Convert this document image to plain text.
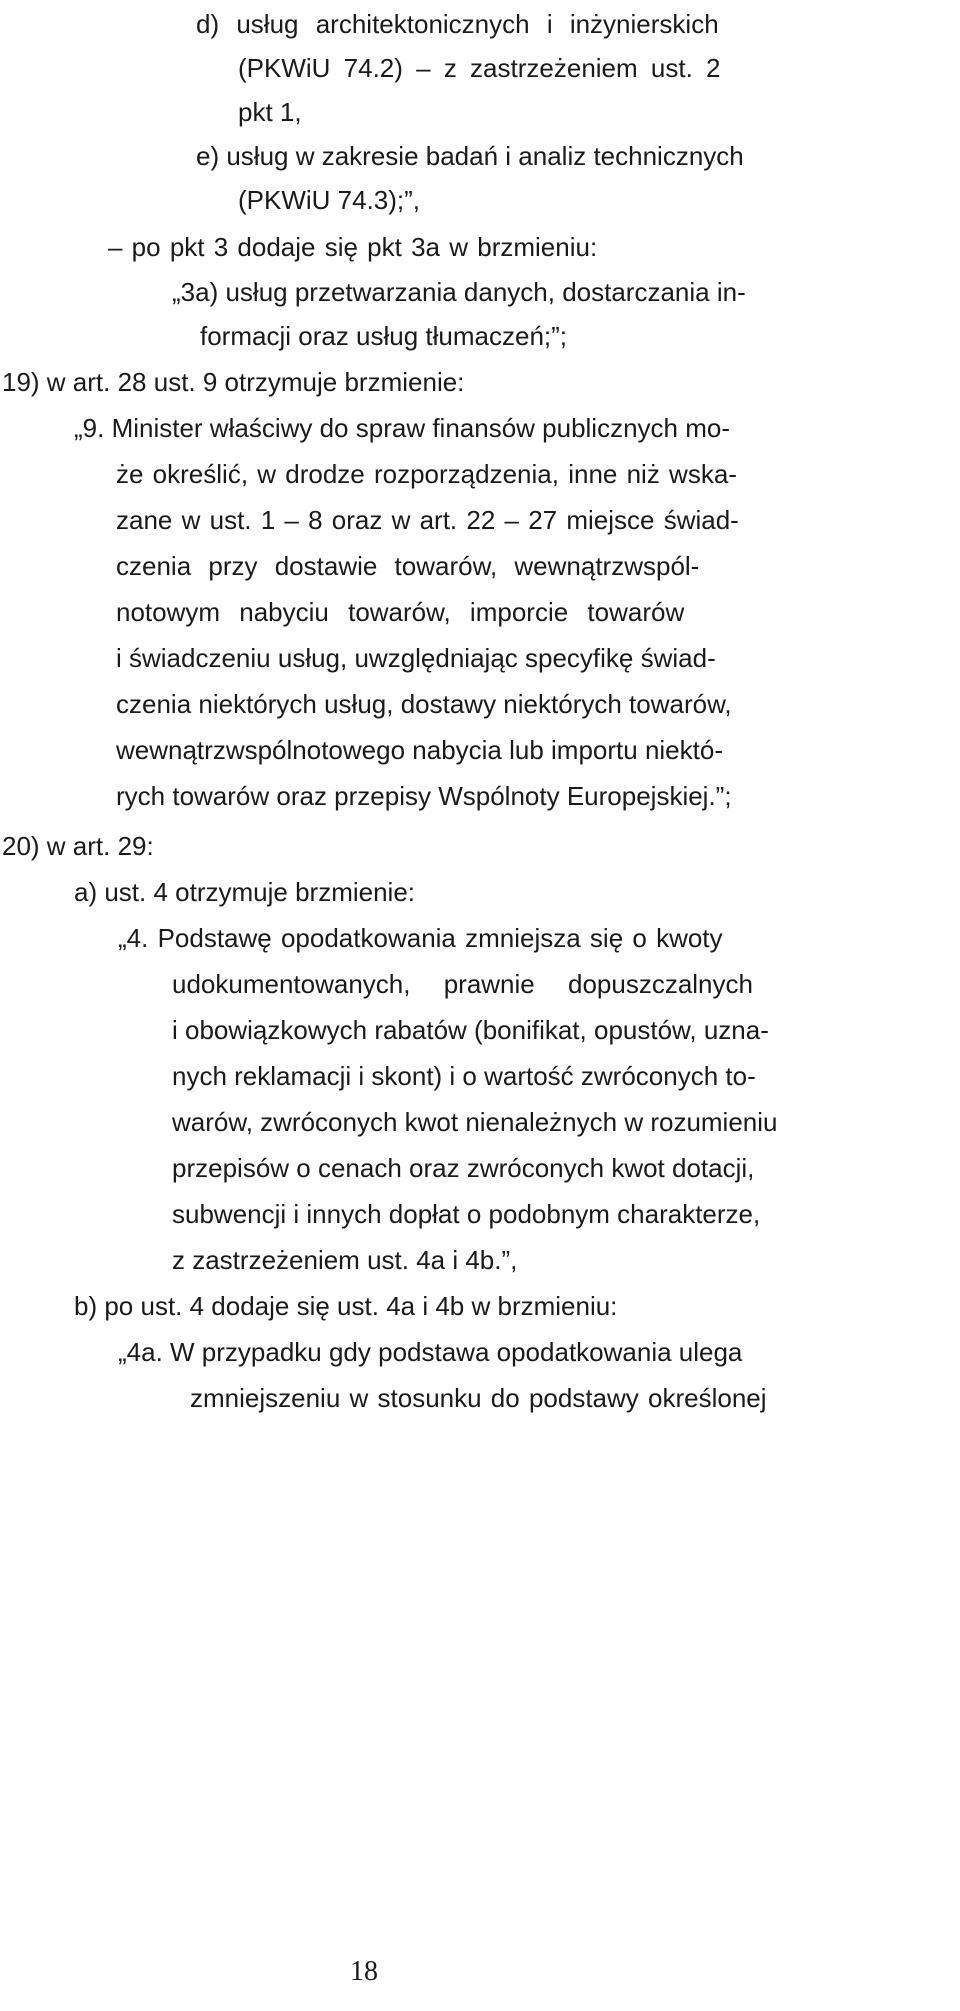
d) usług architektonicznych i inżynierskich
(PKWiU 74.2) – z zastrzeżeniem ust. 2
pkt 1,
e) usług w zakresie badań i analiz technicznych
(PKWiU 74.3);”,
– po pkt 3 dodaje się pkt 3a w brzmieniu:
„3a) usług przetwarzania danych, dostarczania in-
formacji oraz usług tłumaczeń;”;
19) w art. 28 ust. 9 otrzymuje brzmienie:
„9. Minister właściwy do spraw finansów publicznych mo-
że określić, w drodze rozporządzenia, inne niż wska-
zane w ust. 1 – 8 oraz w art. 22 – 27 miejsce świad-
czenia przy dostawie towarów, wewnątrzwspól-
notowym nabyciu towarów, imporcie towarów
i świadczeniu usług, uwzględniając specyfikę świad-
czenia niektórych usług, dostawy niektórych towarów,
wewnątrzwspólnotowego nabycia lub importu niektó-
rych towarów oraz przepisy Wspólnoty Europejskiej.”;
20) w art. 29:
a) ust. 4 otrzymuje brzmienie:
„4. Podstawę opodatkowania zmniejsza się o kwoty
udokumentowanych, prawnie dopuszczalnych
i obowiązkowych rabatów (bonifikat, opustów, uzna-
nych reklamacji i skont) i o wartość zwróconych to-
warów, zwróconych kwot nienależnych w rozumieniu
przepisów o cenach oraz zwróconych kwot dotacji,
subwencji i innych dopłat o podobnym charakterze,
z zastrzeżeniem ust. 4a i 4b.”,
b) po ust. 4 dodaje się ust. 4a i 4b w brzmieniu:
„4a. W przypadku gdy podstawa opodatkowania ulega
zmniejszeniu w stosunku do podstawy określonej
18
